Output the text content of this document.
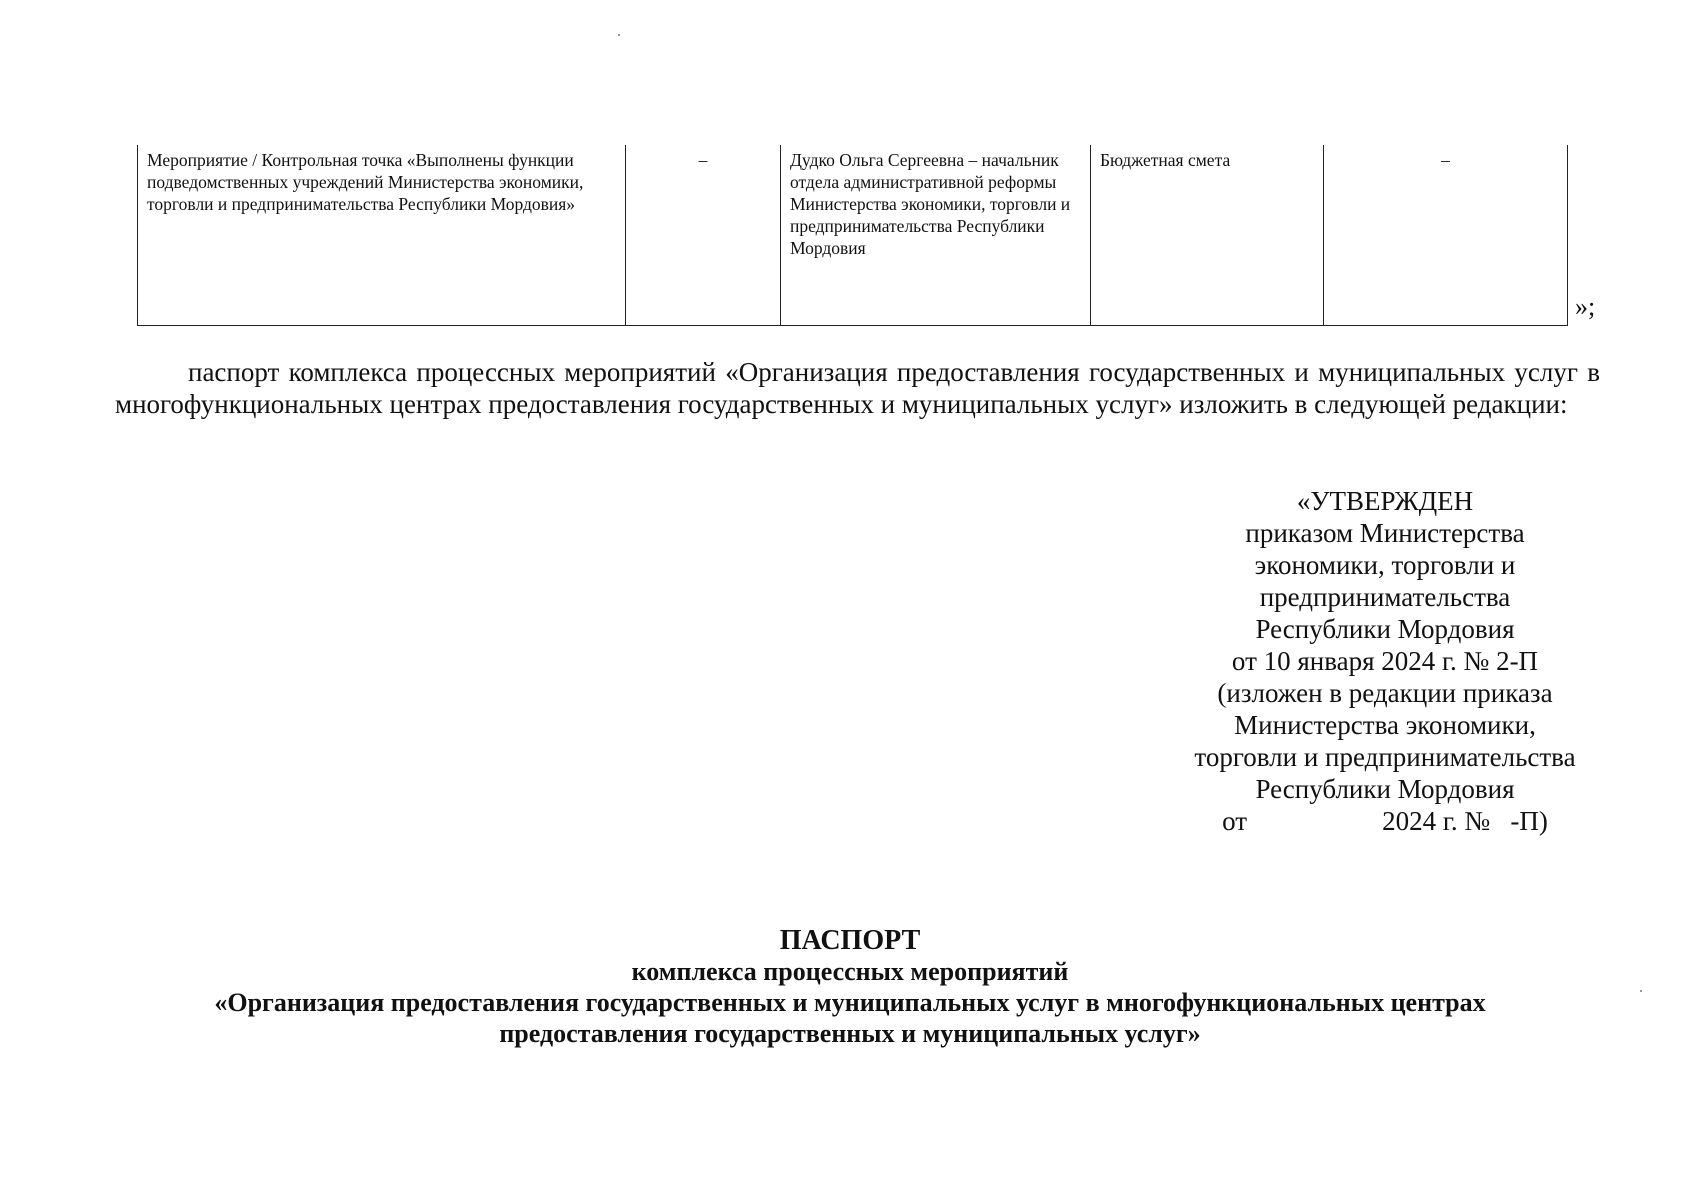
Мероприятие / Контрольная точка «Выполнены функции подведомственных учреждений Министерства экономики, торговли и предпринимательства Республики Мордовия»	–	Дудко Ольга Сергеевна – начальник отдела административной реформы Министерства экономики, торговли и предпринимательства Республики Мордовия	Бюджетная смета	–
»;

паспорт комплекса процессных мероприятий «Организация предоставления государственных и муниципальных услуг в многофункциональных центрах предоставления государственных и муниципальных услуг» изложить в следующей редакции:

«УТВЕРЖДЕН
приказом Министерства
экономики, торговли и
предпринимательства
Республики Мордовия
от 10 января 2024 г. № 2-П
(изложен в редакции приказа
Министерства экономики,
торговли и предпринимательства
Республики Мордовия
от                    2024 г. №   -П)
ПАСПОРТ
комплекса процессных мероприятий
«Организация предоставления государственных и муниципальных услуг в многофункциональных центрах
предоставления государственных и муниципальных услуг»
